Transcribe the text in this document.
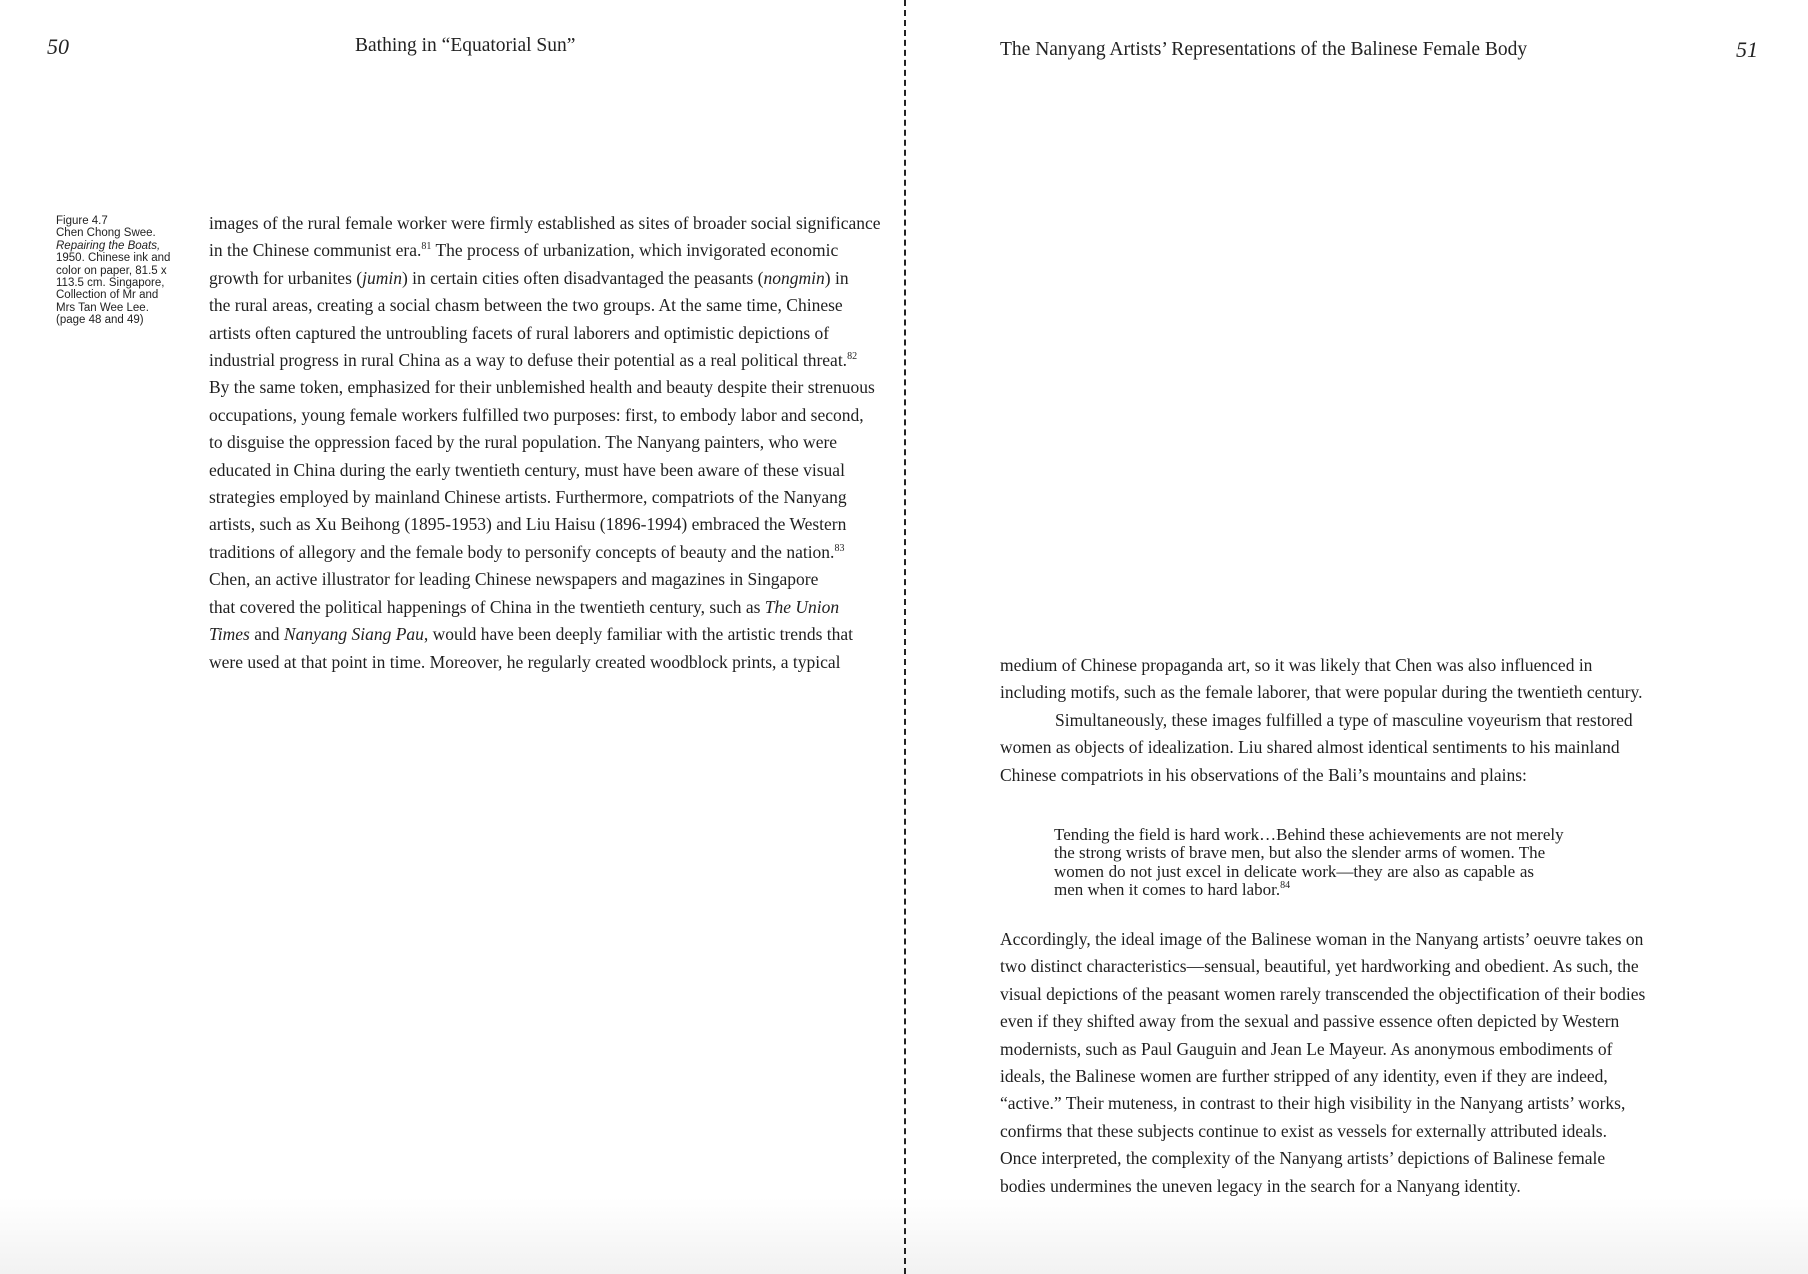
50	Bathing in “Equatorial Sun”
Figure 4.7
Chen Chong Swee.
Repairing the Boats,
1950. Chinese ink and
color on paper, 81.5 x
113.5 cm. Singapore,
Collection of Mr and
Mrs Tan Wee Lee.
(page 48 and 49)
images of the rural female worker were firmly established as sites of broader social significance
in the Chinese communist era.$^{81}$ The process of urbanization, which invigorated economic
growth for urbanites (jumin) in certain cities often disadvantaged the peasants (nongmin) in
the rural areas, creating a social chasm between the two groups. At the same time, Chinese
artists often captured the untroubling facets of rural laborers and optimistic depictions of
industrial progress in rural China as a way to defuse their potential as a real political threat.$^{82}$
By the same token, emphasized for their unblemished health and beauty despite their strenuous
occupations, young female workers fulfilled two purposes: first, to embody labor and second,
to disguise the oppression faced by the rural population. The Nanyang painters, who were
educated in China during the early twentieth century, must have been aware of these visual
strategies employed by mainland Chinese artists. Furthermore, compatriots of the Nanyang
artists, such as Xu Beihong (1895-1953) and Liu Haisu (1896-1994) embraced the Western
traditions of allegory and the female body to personify concepts of beauty and the nation.$^{83}$
Chen, an active illustrator for leading Chinese newspapers and magazines in Singapore
that covered the political happenings of China in the twentieth century, such as The Union
Times and Nanyang Siang Pau, would have been deeply familiar with the artistic trends that
were used at that point in time. Moreover, he regularly created woodblock prints, a typical
The Nanyang Artists’ Representations of the Balinese Female Body	51
medium of Chinese propaganda art, so it was likely that Chen was also influenced in
including motifs, such as the female laborer, that were popular during the twentieth century.
Simultaneously, these images fulfilled a type of masculine voyeurism that restored
women as objects of idealization. Liu shared almost identical sentiments to his mainland
Chinese compatriots in his observations of the Bali’s mountains and plains:
Tending the field is hard work…Behind these achievements are not merely
the strong wrists of brave men, but also the slender arms of women. The
women do not just excel in delicate work—they are also as capable as
men when it comes to hard labor.$^{84}$
Accordingly, the ideal image of the Balinese woman in the Nanyang artists’ oeuvre takes on
two distinct characteristics—sensual, beautiful, yet hardworking and obedient. As such, the
visual depictions of the peasant women rarely transcended the objectification of their bodies
even if they shifted away from the sexual and passive essence often depicted by Western
modernists, such as Paul Gauguin and Jean Le Mayeur. As anonymous embodiments of
ideals, the Balinese women are further stripped of any identity, even if they are indeed,
“active.” Their muteness, in contrast to their high visibility in the Nanyang artists’ works,
confirms that these subjects continue to exist as vessels for externally attributed ideals.
Once interpreted, the complexity of the Nanyang artists’ depictions of Balinese female
bodies undermines the uneven legacy in the search for a Nanyang identity.
